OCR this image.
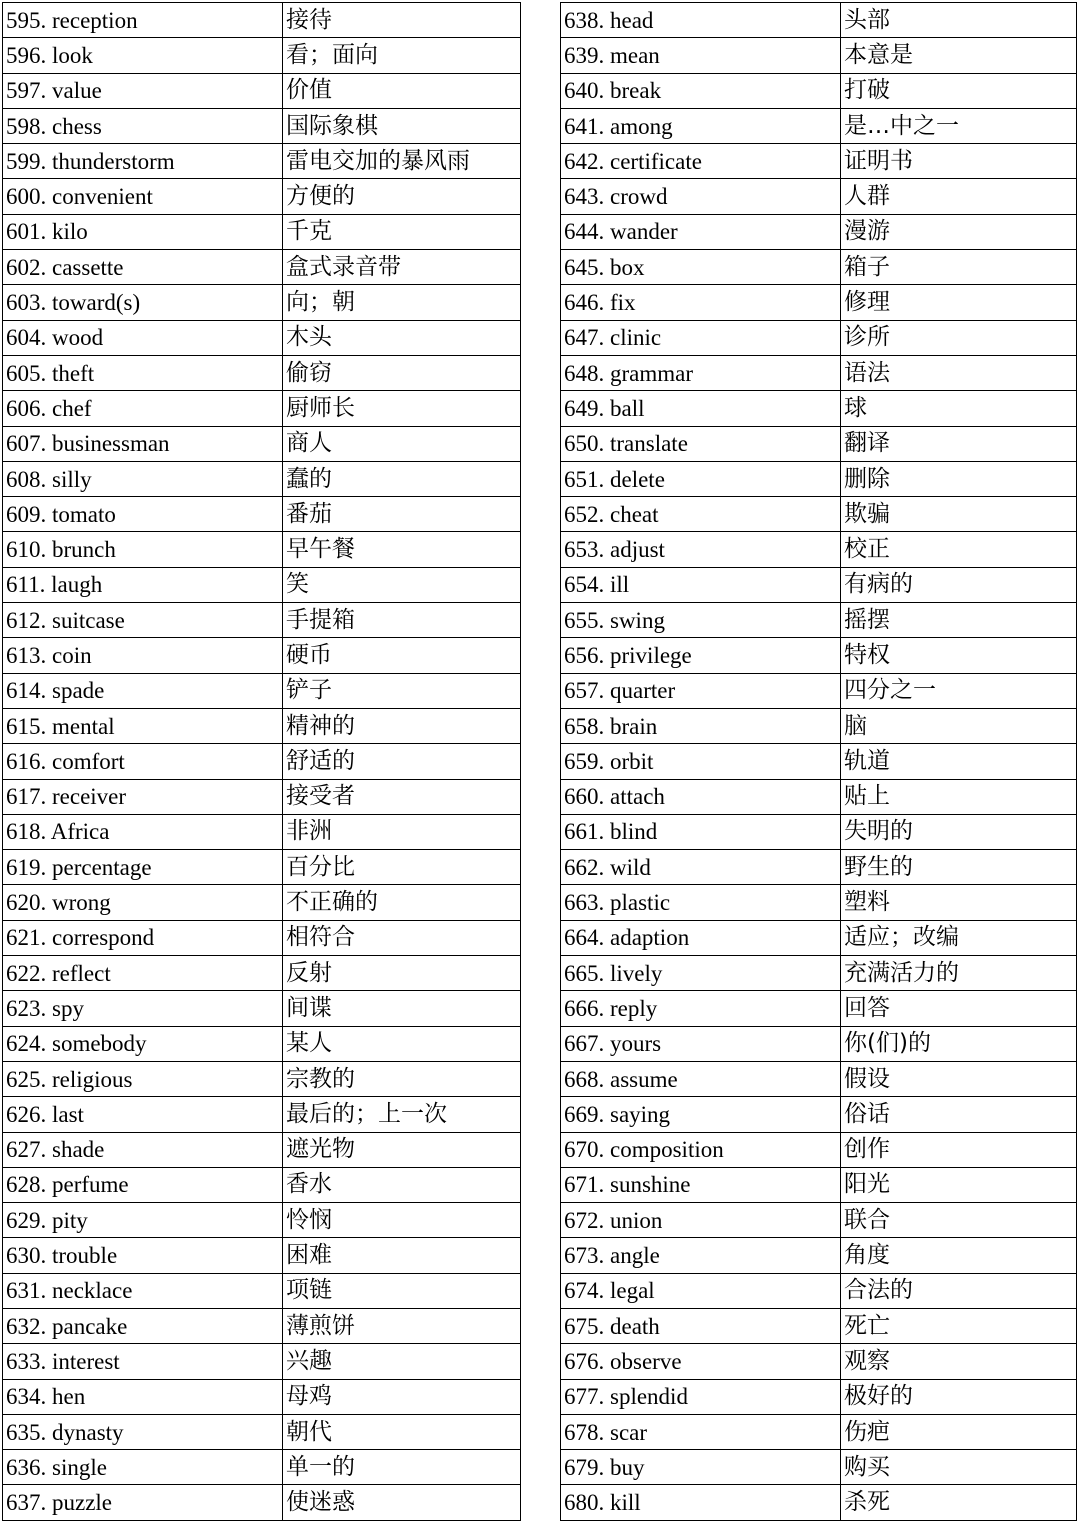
595. reception	接待
596. look	看；面向
597. value	价值
598. chess	国际象棋
599. thunderstorm	雷电交加的暴风雨
600. convenient	方便的
601. kilo	千克
602. cassette	盒式录音带
603. toward(s)	向；朝
604. wood	木头
605. theft	偷窃
606. chef	厨师长
607. businessman	商人
608. silly	蠢的
609. tomato	番茄
610. brunch	早午餐
611. laugh	笑
612. suitcase	手提箱
613. coin	硬币
614. spade	铲子
615. mental	精神的
616. comfort	舒适的
617. receiver	接受者
618. Africa	非洲
619. percentage	百分比
620. wrong	不正确的
621. correspond	相符合
622. reflect	反射
623. spy	间谍
624. somebody	某人
625. religious	宗教的
626. last	最后的；上一次
627. shade	遮光物
628. perfume	香水
629. pity	怜悯
630. trouble	困难
631. necklace	项链
632. pancake	薄煎饼
633. interest	兴趣
634. hen	母鸡
635. dynasty	朝代
636. single	单一的
637. puzzle	使迷惑
638. head	头部
639. mean	本意是
640. break	打破
641. among	是…中之一
642. certificate	证明书
643. crowd	人群
644. wander	漫游
645. box	箱子
646. fix	修理
647. clinic	诊所
648. grammar	语法
649. ball	球
650. translate	翻译
651. delete	删除
652. cheat	欺骗
653. adjust	校正
654. ill	有病的
655. swing	摇摆
656. privilege	特权
657. quarter	四分之一
658. brain	脑
659. orbit	轨道
660. attach	贴上
661. blind	失明的
662. wild	野生的
663. plastic	塑料
664. adaption	适应；改编
665. lively	充满活力的
666. reply	回答
667. yours	你(们)的
668. assume	假设
669. saying	俗话
670. composition	创作
671. sunshine	阳光
672. union	联合
673. angle	角度
674. legal	合法的
675. death	死亡
676. observe	观察
677. splendid	极好的
678. scar	伤疤
679. buy	购买
680. kill	杀死
